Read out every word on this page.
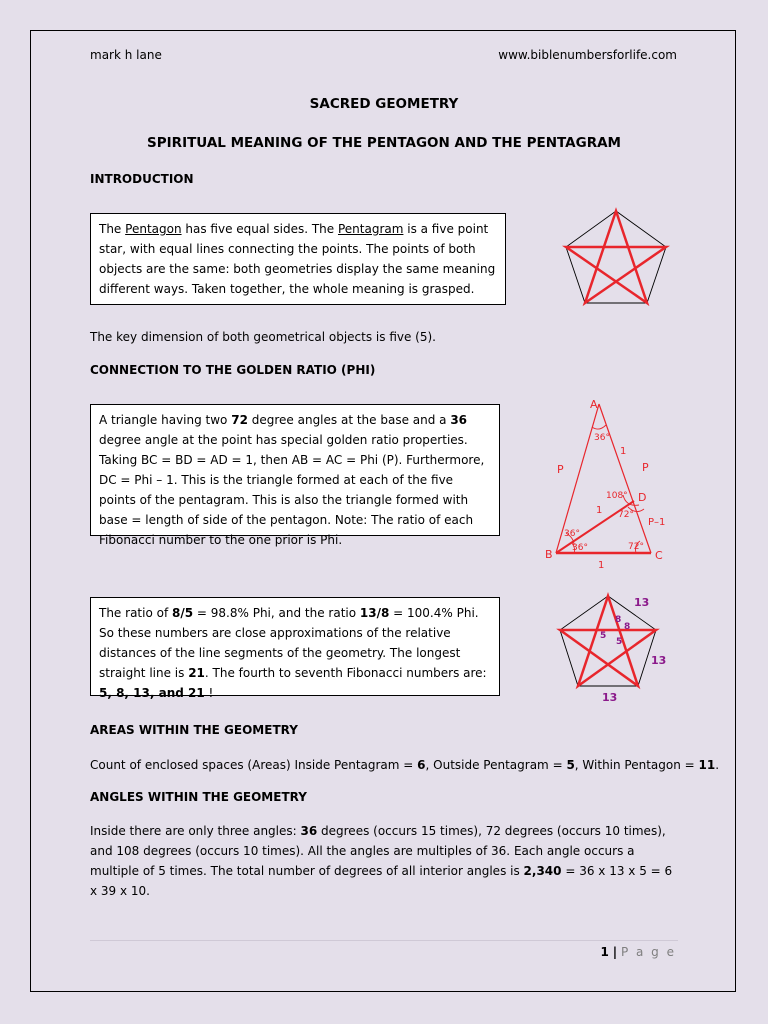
mark h lane	www.biblenumbersforlife.com
SACRED GEOMETRY
SPIRITUAL MEANING OF THE PENTAGON AND THE PENTAGRAM
INTRODUCTION
The Pentagon has five equal sides. The Pentagram is a five point star, with equal lines connecting the points. The points of both objects are the same: both geometries display the same meaning different ways. Taken together, the whole meaning is grasped.
The key dimension of both geometrical objects is five (5).
CONNECTION TO THE GOLDEN RATIO (PHI)
A triangle having two 72 degree angles at the base and a 36 degree angle at the point has special golden ratio properties. Taking BC = BD = AD = 1, then AB = AC = Phi (P). Furthermore, DC = Phi – 1. This is the triangle formed at each of the five points of the pentagram. This is also the triangle formed with base = length of side of the pentagon. Note: The ratio of each Fibonacci number to the one prior is Phi.
A
B	C
D
P	P
1
1
1
P–1
36°
108°
72°
36°
36°	72°
The ratio of 8/5 = 98.8% Phi, and the ratio 13/8 = 100.4% Phi. So these numbers are close approximations of the relative distances of the line segments of the geometry. The longest straight line is 21. The fourth to seventh Fibonacci numbers are: 5, 8, 13, and 21 !
13
8
8
5
5
13
13
AREAS WITHIN THE GEOMETRY
Count of enclosed spaces (Areas) Inside Pentagram = 6, Outside Pentagram = 5, Within Pentagon = 11.
ANGLES WITHIN THE GEOMETRY
Inside there are only three angles: 36 degrees (occurs 15 times), 72 degrees (occurs 10 times), and 108 degrees (occurs 10 times). All the angles are multiples of 36. Each angle occurs a multiple of 5 times. The total number of degrees of all interior angles is 2,340 = 36 x 13 x 5 = 6 x 39 x 10.
1 | P a g e
